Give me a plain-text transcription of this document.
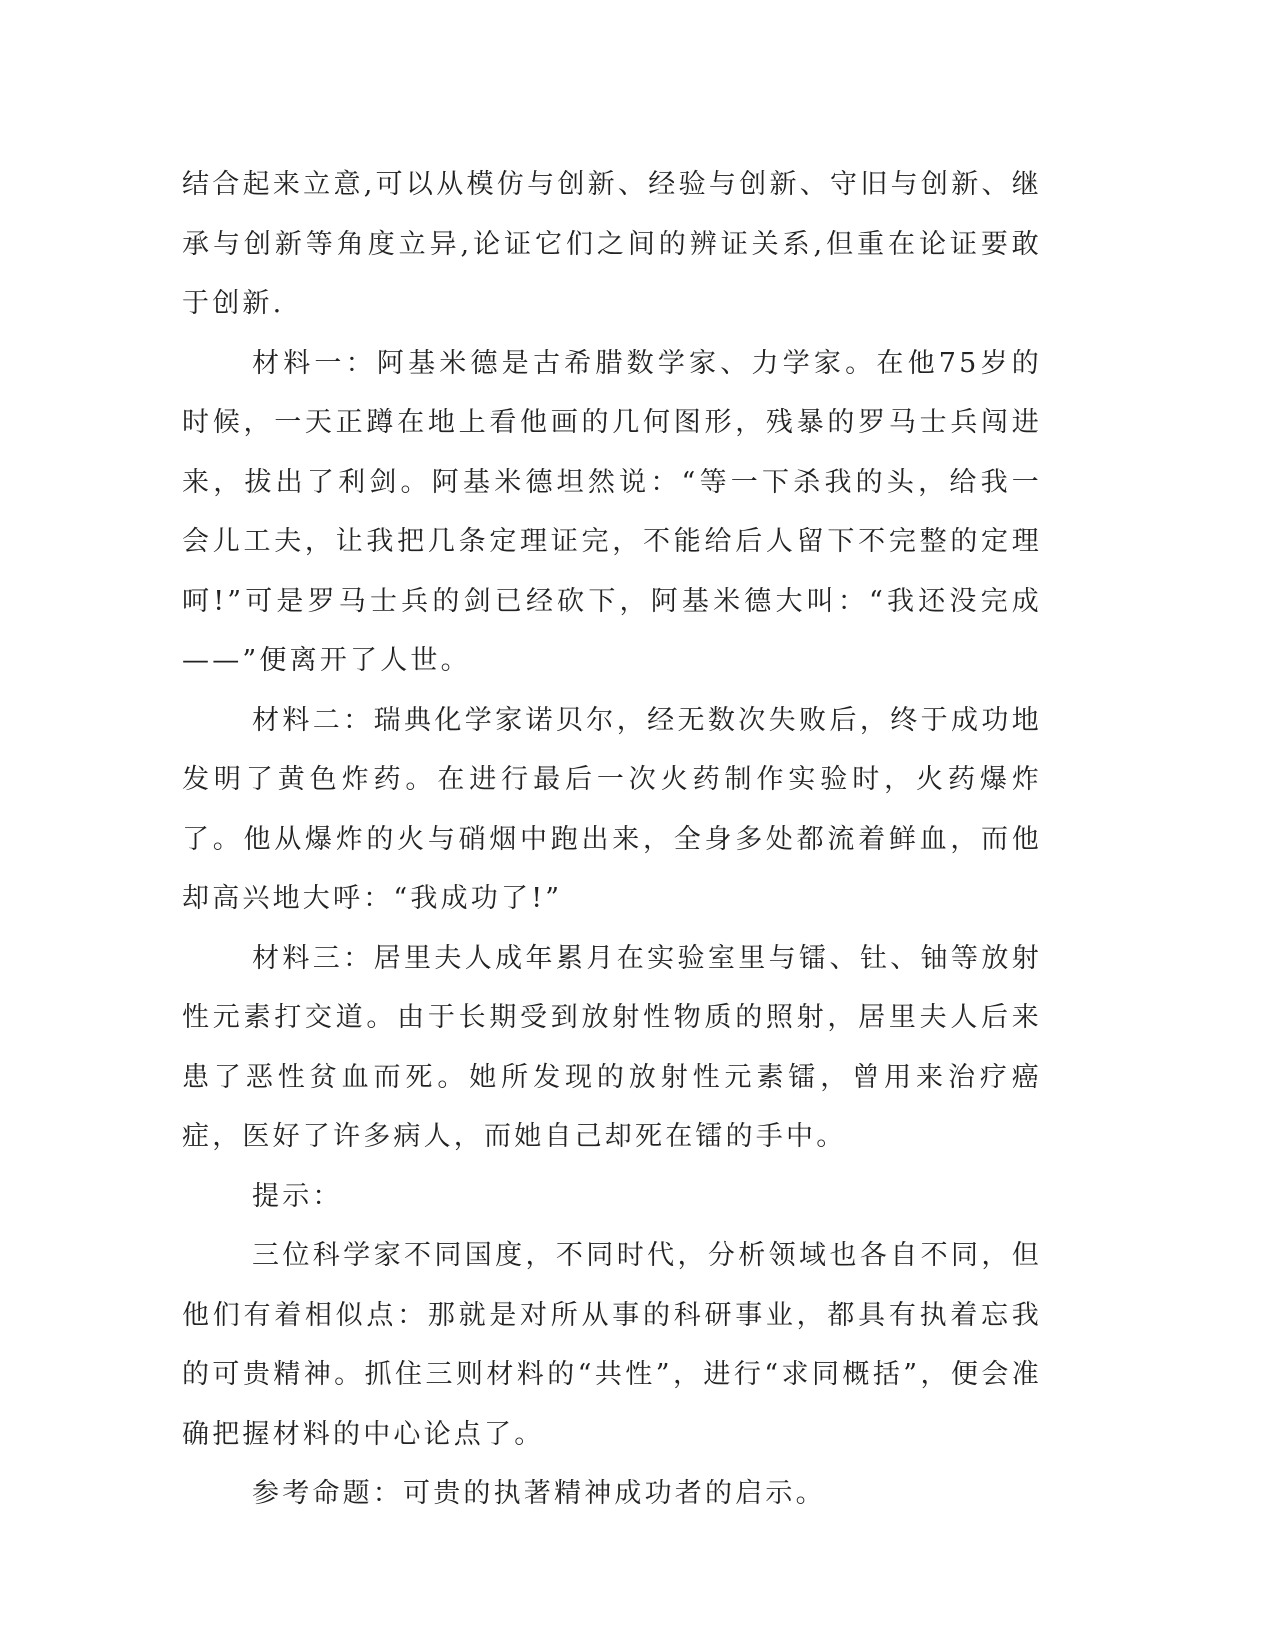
结合起来立意,可以从模仿与创新、经验与创新、守旧与创新、继承与创新等角度立异,论证它们之间的辨证关系,但重在论证要敢于创新.

材料一：阿基米德是古希腊数学家、力学家。在他75岁的时候，一天正蹲在地上看他画的几何图形，残暴的罗马士兵闯进来，拔出了利剑。阿基米德坦然说：“等一下杀我的头，给我一会儿工夫，让我把几条定理证完，不能给后人留下不完整的定理呵!”可是罗马士兵的剑已经砍下，阿基米德大叫：“我还没完成——”便离开了人世。

材料二：瑞典化学家诺贝尔，经无数次失败后，终于成功地发明了黄色炸药。在进行最后一次火药制作实验时，火药爆炸了。他从爆炸的火与硝烟中跑出来，全身多处都流着鲜血，而他却高兴地大呼：“我成功了!”

材料三：居里夫人成年累月在实验室里与镭、钍、铀等放射性元素打交道。由于长期受到放射性物质的照射，居里夫人后来患了恶性贫血而死。她所发现的放射性元素镭，曾用来治疗癌症，医好了许多病人，而她自己却死在镭的手中。

提示：

三位科学家不同国度，不同时代，分析领域也各自不同，但他们有着相似点：那就是对所从事的科研事业，都具有执着忘我的可贵精神。抓住三则材料的“共性”，进行“求同概括”，便会准确把握材料的中心论点了。

参考命题：可贵的执著精神成功者的启示。
